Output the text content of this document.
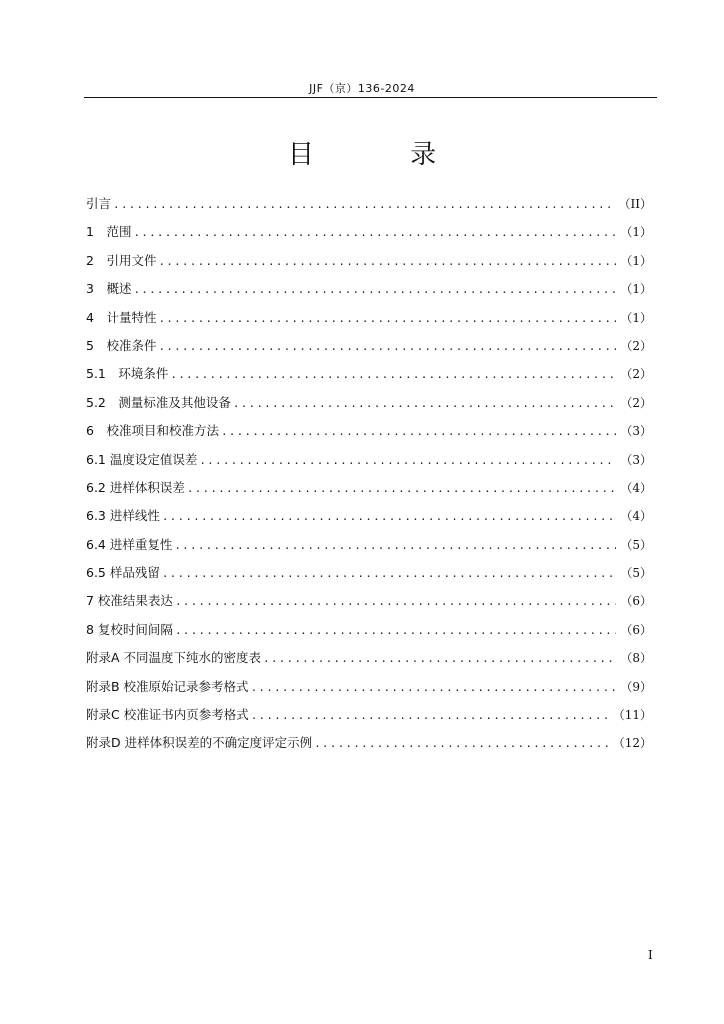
JJF（京）136-2024
目 录
引言 .....	（II）
1　范围 .....	（1）
2　引用文件 .....	（1）
3　概述 .....	（1）
4　计量特性 .....	（1）
5　校准条件 .....	（2）
5.1　环境条件 .....	（2）
5.2　测量标准及其他设备 .....	（2）
6　校准项目和校准方法 .....	（3）
6.1 温度设定值误差 .....	（3）
6.2 进样体积误差 .....	（4）
6.3 进样线性 .....	（4）
6.4 进样重复性 .....	（5）
6.5 样品残留 .....	（5）
7 校准结果表达 .....	（6）
8 复校时间间隔 .....	（6）
附录A 不同温度下纯水的密度表 .....	（8）
附录B 校准原始记录参考格式 .....	（9）
附录C 校准证书内页参考格式 .....	（11）
附录D 进样体积误差的不确定度评定示例 .....	（12）
I
